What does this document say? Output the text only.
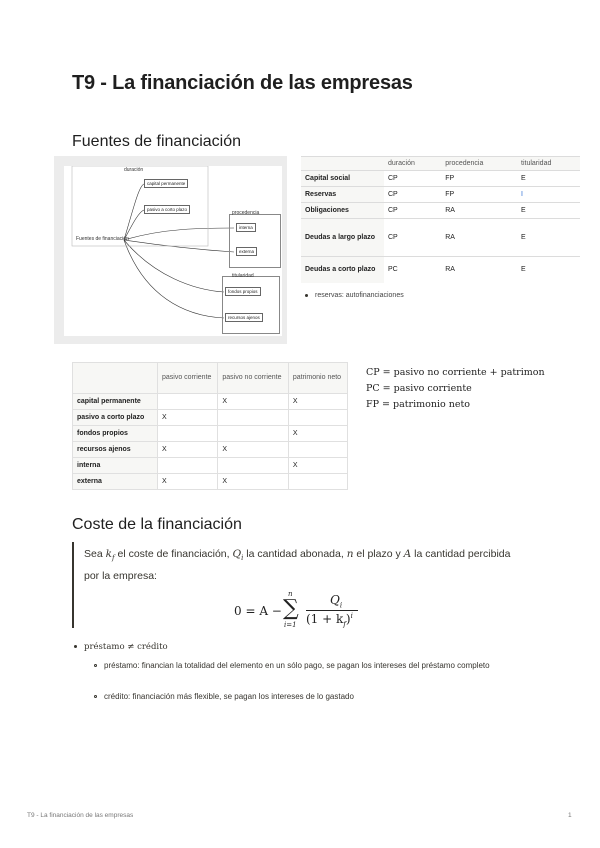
T9 - La financiación de las empresas
Fuentes de financiación
duración
Fuentes de financiación
capital permanente
pasivo a corto plazo
procedencia
interna
externa
titularidad
fondos propios
recursos ajenos
	duración	procedencia	titularidad
Capital social	CP	FP	E
Reservas	CP	FP	I
Obligaciones	CP	RA	E
Deudas a largo plazo	CP	RA	E
Deudas a corto plazo	PC	RA	E
reservas: autofinanciaciones
	pasivo corriente	pasivo no corriente	patrimonio neto
capital permanente		X	X
pasivo a corto plazo	X		
fondos propios			X
recursos ajenos	X	X	
interna			X
externa	X	X	
CP = pasivo no corriente + patrimon
PC = pasivo corriente
FP = patrimonio neto
Coste de la financiación

Sea $k_f$ el coste de financiación, $Q_i$ la cantidad abonada, n el plazo y A la cantidad percibida por la empresa:

0 = A −
n
∑
i=1
$Q_i$
$(1 + k_f)^i$
préstamo ≠ crédito
préstamo: financian la totalidad del elemento en un sólo pago, se pagan los intereses del préstamo completo
crédito: financiación más flexible, se pagan los intereses de lo gastado
T9 - La financiación de las empresas	1
